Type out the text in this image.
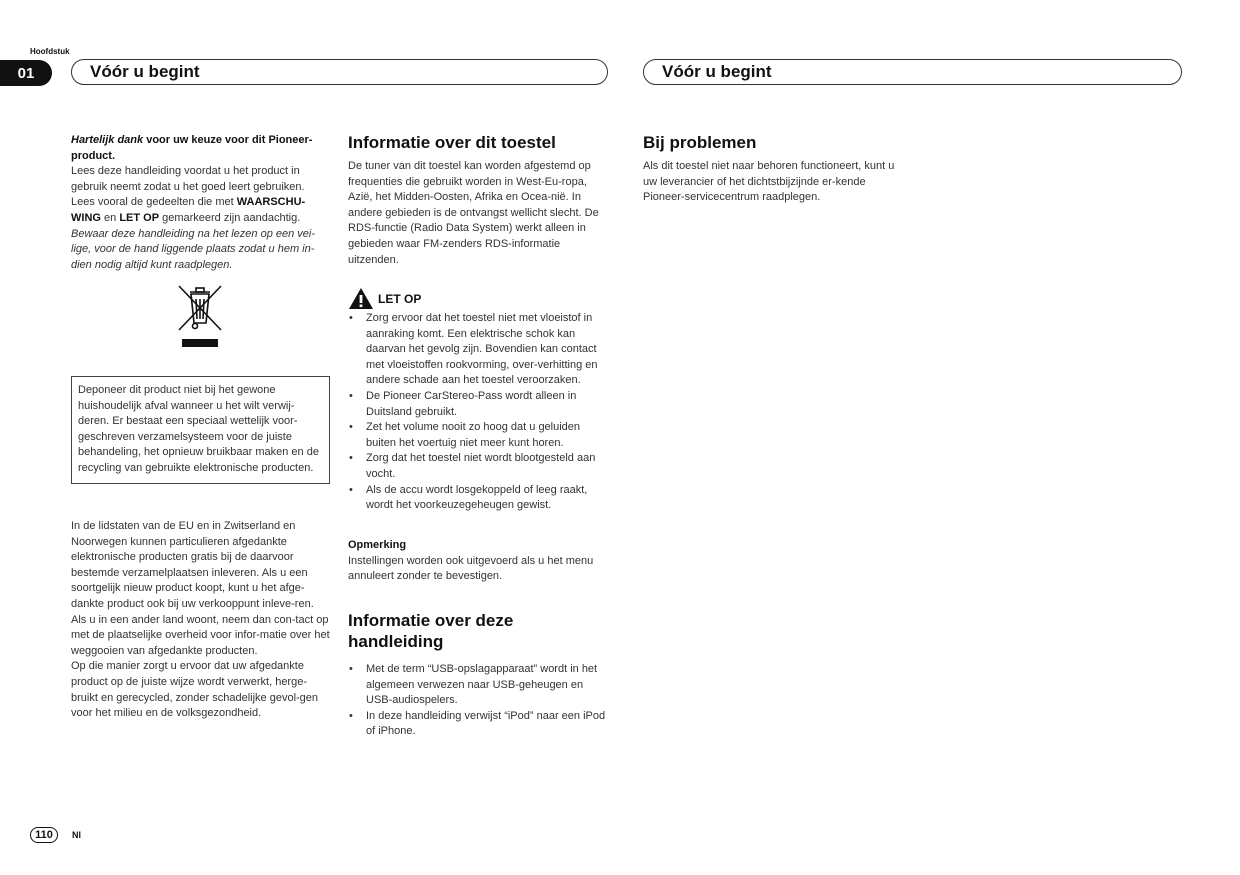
Hoofdstuk
01	Vóór u begint	Vóór u begint

Hartelijk dank voor uw keuze voor dit Pioneer-product.

Lees deze handleiding voordat u het product in gebruik neemt zodat u het goed leert gebruiken. Lees vooral de gedeelten die met WAARSCHU-WING en LET OP gemarkeerd zijn aandachtig.

Bewaar deze handleiding na het lezen op een vei-lige, voor de hand liggende plaats zodat u hem in-dien nodig altijd kunt raadplegen.

Deponeer dit product niet bij het gewone huishoudelijk afval wanneer u het wilt verwij-deren. Er bestaat een speciaal wettelijk voor-geschreven verzamelsysteem voor de juiste behandeling, het opnieuw bruikbaar maken en de recycling van gebruikte elektronische producten.

In de lidstaten van de EU en in Zwitserland en Noorwegen kunnen particulieren afgedankte elektronische producten gratis bij de daarvoor bestemde verzamelplaatsen inleveren. Als u een soortgelijk nieuw product koopt, kunt u het afge-dankte product ook bij uw verkooppunt inleve-ren.

Als u in een ander land woont, neem dan con-tact op met de plaatselijke overheid voor infor-matie over het weggooien van afgedankte producten.

Op die manier zorgt u ervoor dat uw afgedankte product op de juiste wijze wordt verwerkt, herge-bruikt en gerecycled, zonder schadelijke gevol-gen voor het milieu en de volksgezondheid.

Informatie over dit toestel

De tuner van dit toestel kan worden afgestemd op frequenties die gebruikt worden in West-Eu-ropa, Azië, het Midden-Oosten, Afrika en Ocea-nië. In andere gebieden is de ontvangst wellicht slecht. De RDS-functie (Radio Data System) werkt alleen in gebieden waar FM-zenders RDS-informatie uitzenden.

LET OP
• Zorg ervoor dat het toestel niet met vloeistof in aanraking komt. Een elektrische schok kan daarvan het gevolg zijn. Bovendien kan contact met vloeistoffen rookvorming, over-verhitting en andere schade aan het toestel veroorzaken.
• De Pioneer CarStereo-Pass wordt alleen in Duitsland gebruikt.
• Zet het volume nooit zo hoog dat u geluiden buiten het voertuig niet meer kunt horen.
• Zorg dat het toestel niet wordt blootgesteld aan vocht.
• Als de accu wordt losgekoppeld of leeg raakt, wordt het voorkeuzegeheugen gewist.

Opmerking

Instellingen worden ook uitgevoerd als u het menu annuleert zonder te bevestigen.

Informatie over deze handleiding
• Met de term “USB-opslagapparaat” wordt in het algemeen verwezen naar USB-geheugen en USB-audiospelers.
• In deze handleiding verwijst “iPod” naar een iPod of iPhone.
Bij problemen

Als dit toestel niet naar behoren functioneert, kunt u uw leverancier of het dichtstbijzijnde er-kende Pioneer-servicecentrum raadplegen.

110	Nl
